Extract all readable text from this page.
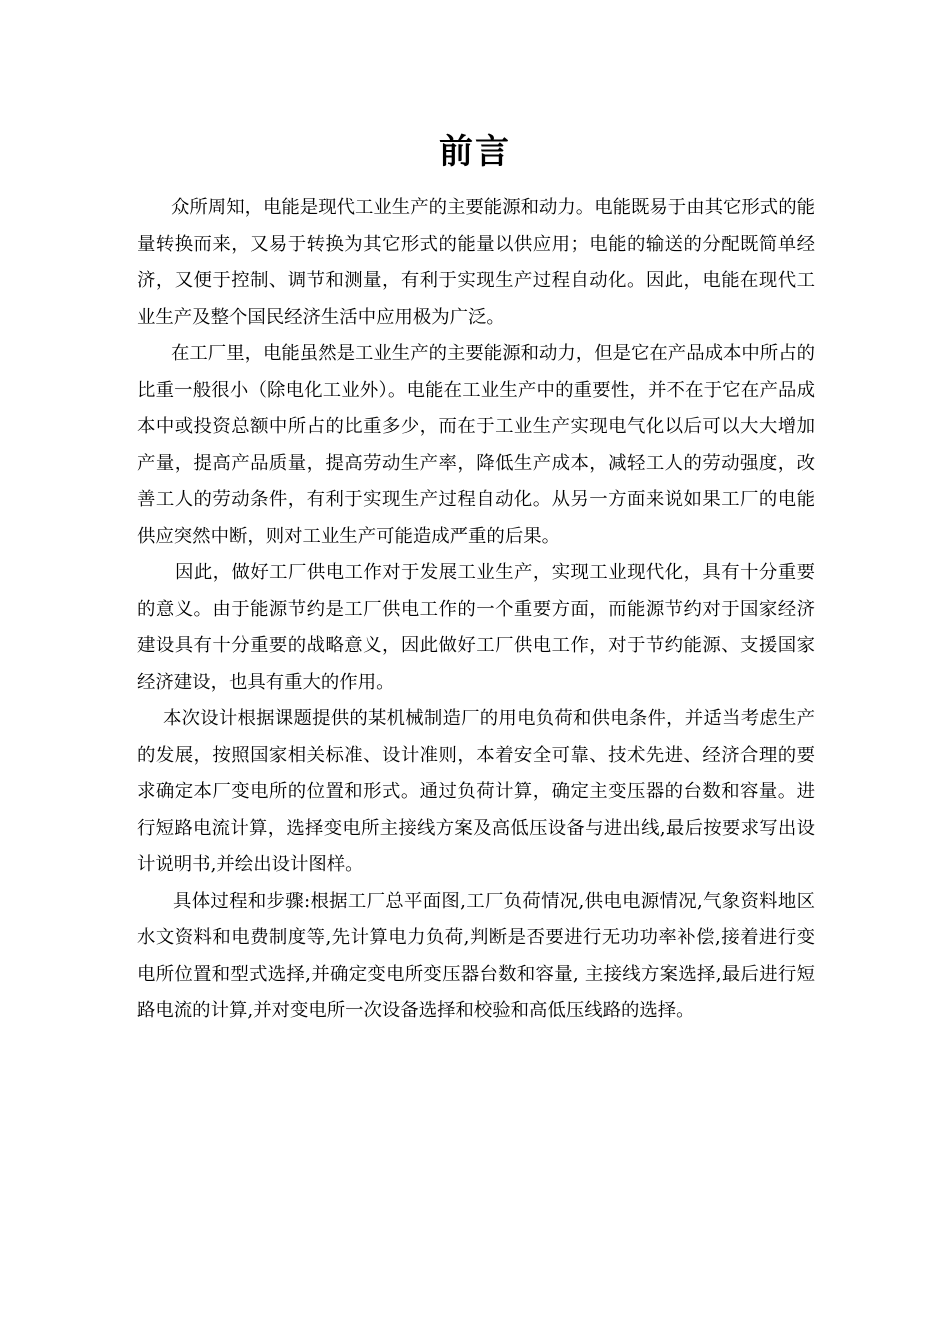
前言

众所周知，电能是现代工业生产的主要能源和动力。电能既易于由其它形式的能量转换而来，又易于转换为其它形式的能量以供应用；电能的输送的分配既简单经济，又便于控制、调节和测量，有利于实现生产过程自动化。因此，电能在现代工业生产及整个国民经济生活中应用极为广泛。

在工厂里，电能虽然是工业生产的主要能源和动力，但是它在产品成本中所占的比重一般很小（除电化工业外）。电能在工业生产中的重要性，并不在于它在产品成本中或投资总额中所占的比重多少，而在于工业生产实现电气化以后可以大大增加产量，提高产品质量，提高劳动生产率，降低生产成本，减轻工人的劳动强度，改善工人的劳动条件，有利于实现生产过程自动化。从另一方面来说如果工厂的电能供应突然中断，则对工业生产可能造成严重的后果。

因此，做好工厂供电工作对于发展工业生产，实现工业现代化，具有十分重要的意义。由于能源节约是工厂供电工作的一个重要方面，而能源节约对于国家经济建设具有十分重要的战略意义，因此做好工厂供电工作，对于节约能源、支援国家经济建设，也具有重大的作用。

本次设计根据课题提供的某机械制造厂的用电负荷和供电条件，并适当考虑生产的发展，按照国家相关标准、设计准则，本着安全可靠、技术先进、经济合理的要求确定本厂变电所的位置和形式。通过负荷计算，确定主变压器的台数和容量。进行短路电流计算，选择变电所主接线方案及高低压设备与进出线,最后按要求写出设计说明书,并绘出设计图样。

具体过程和步骤:根据工厂总平面图,工厂负荷情况,供电电源情况,气象资料地区水文资料和电费制度等,先计算电力负荷,判断是否要进行无功功率补偿,接着进行变电所位置和型式选择,并确定变电所变压器台数和容量, 主接线方案选择,最后进行短路电流的计算,并对变电所一次设备选择和校验和高低压线路的选择。
